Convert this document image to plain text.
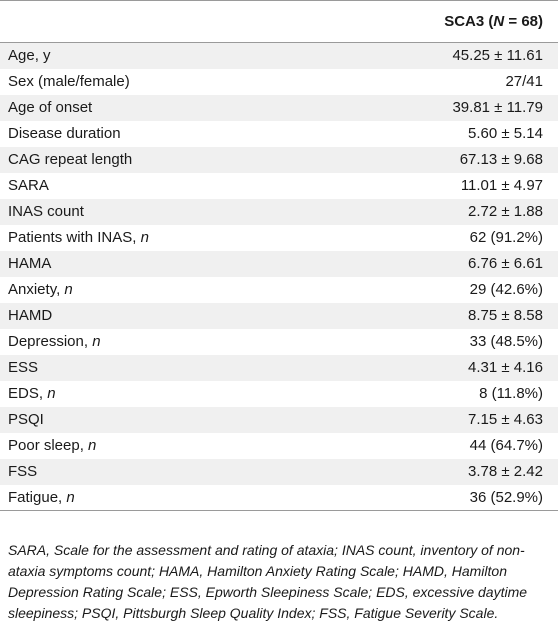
	SCA3 (N = 68)
Age, y	45.25 ± 11.61
Sex (male/female)	27/41
Age of onset	39.81 ± 11.79
Disease duration	5.60 ± 5.14
CAG repeat length	67.13 ± 9.68
SARA	11.01 ± 4.97
INAS count	2.72 ± 1.88
Patients with INAS, n	62 (91.2%)
HAMA	6.76 ± 6.61
Anxiety, n	29 (42.6%)
HAMD	8.75 ± 8.58
Depression, n	33 (48.5%)
ESS	4.31 ± 4.16
EDS, n	8 (11.8%)
PSQI	7.15 ± 4.63
Poor sleep, n	44 (64.7%)
FSS	3.78 ± 2.42
Fatigue, n	36 (52.9%)
SARA, Scale for the assessment and rating of ataxia; INAS count, inventory of non-ataxia symptoms count; HAMA, Hamilton Anxiety Rating Scale; HAMD, Hamilton Depression Rating Scale; ESS, Epworth Sleepiness Scale; EDS, excessive daytime sleepiness; PSQI, Pittsburgh Sleep Quality Index; FSS, Fatigue Severity Scale.
